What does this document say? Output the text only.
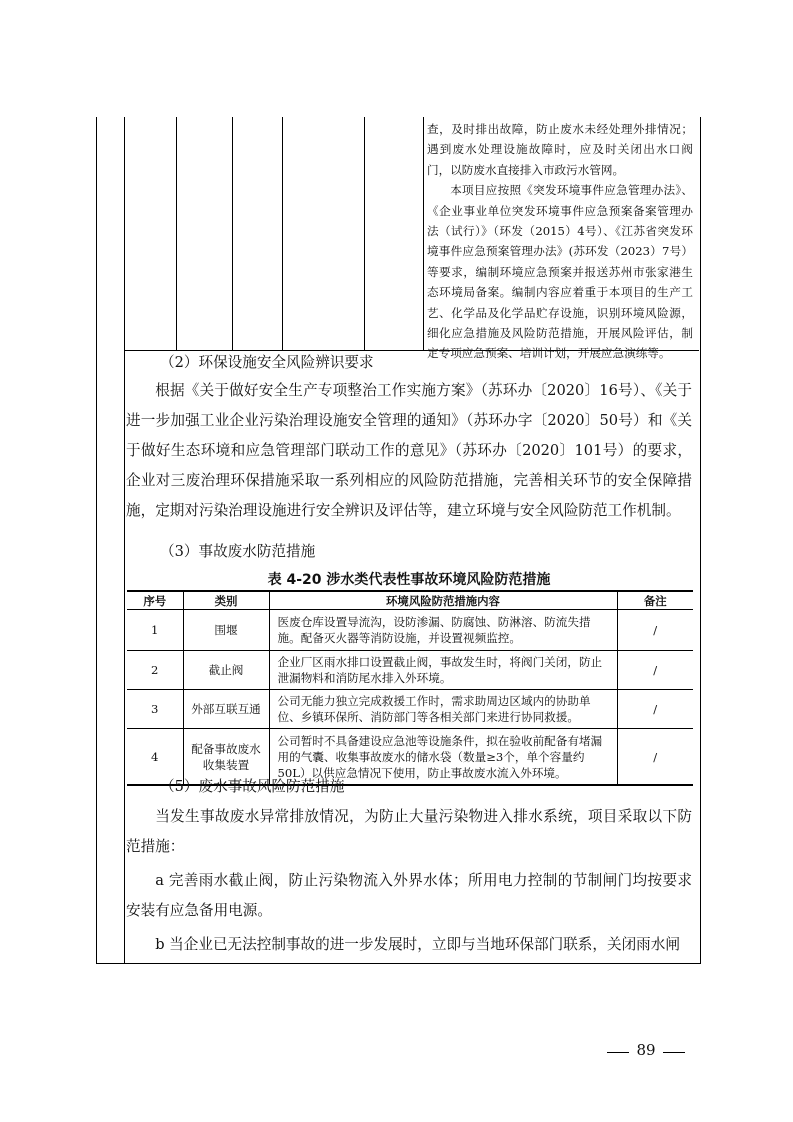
查，及时排出故障，防止废水未经处理外排情况；遇到废水处理设施故障时，应及时关闭出水口阀门，以防废水直接排入市政污水管网。

本项目应按照《突发环境事件应急管理办法》、《企业事业单位突发环境事件应急预案备案管理办法（试行）》（环发（2015）4号）、《江苏省突发环境事件应急预案管理办法》(苏环发（2023）7号）等要求，编制环境应急预案并报送苏州市张家港生态环境局备案。编制内容应着重于本项目的生产工艺、化学品及化学品贮存设施，识别环境风险源，细化应急措施及风险防范措施，开展风险评估，制定专项应急预案、培训计划，开展应急演练等。

（2）环保设施安全风险辨识要求
根据《关于做好安全生产专项整治工作实施方案》（苏环办〔2020〕16号）、《关于进一步加强工业企业污染治理设施安全管理的通知》（苏环办字〔2020〕50号）和《关于做好生态环境和应急管理部门联动工作的意见》（苏环办〔2020〕101号）的要求，企业对三废治理环保措施采取一系列相应的风险防范措施，完善相关环节的安全保障措施，定期对污染治理设施进行安全辨识及评估等，建立环境与安全风险防范工作机制。
（3）事故废水防范措施
表 4-20 涉水类代表性事故环境风险防范措施
序号	类别	环境风险防范措施内容	备注
1	围堰	医废仓库设置导流沟，设防渗漏、防腐蚀、防淋溶、防流失措施。配备灭火器等消防设施，并设置视频监控。	/
2	截止阀	企业厂区雨水排口设置截止阀，事故发生时，将阀门关闭，防止泄漏物料和消防尾水排入外环境。	/
3	外部互联互通	公司无能力独立完成救援工作时，需求助周边区域内的协助单位、乡镇环保所、消防部门等各相关部门来进行协同救援。	/
4	配备事故废水收集装置	公司暂时不具备建设应急池等设施条件，拟在验收前配备有堵漏用的气囊、收集事故废水的储水袋（数量≥3个，单个容量约50L）以供应急情况下使用，防止事故废水流入外环境。	/
（5）废水事故风险防范措施
当发生事故废水异常排放情况，为防止大量污染物进入排水系统，项目采取以下防范措施：
a 完善雨水截止阀，防止污染物流入外界水体；所用电力控制的节制闸门均按要求安装有应急备用电源。
b 当企业已无法控制事故的进一步发展时，立即与当地环保部门联系，关闭雨水闸
89
